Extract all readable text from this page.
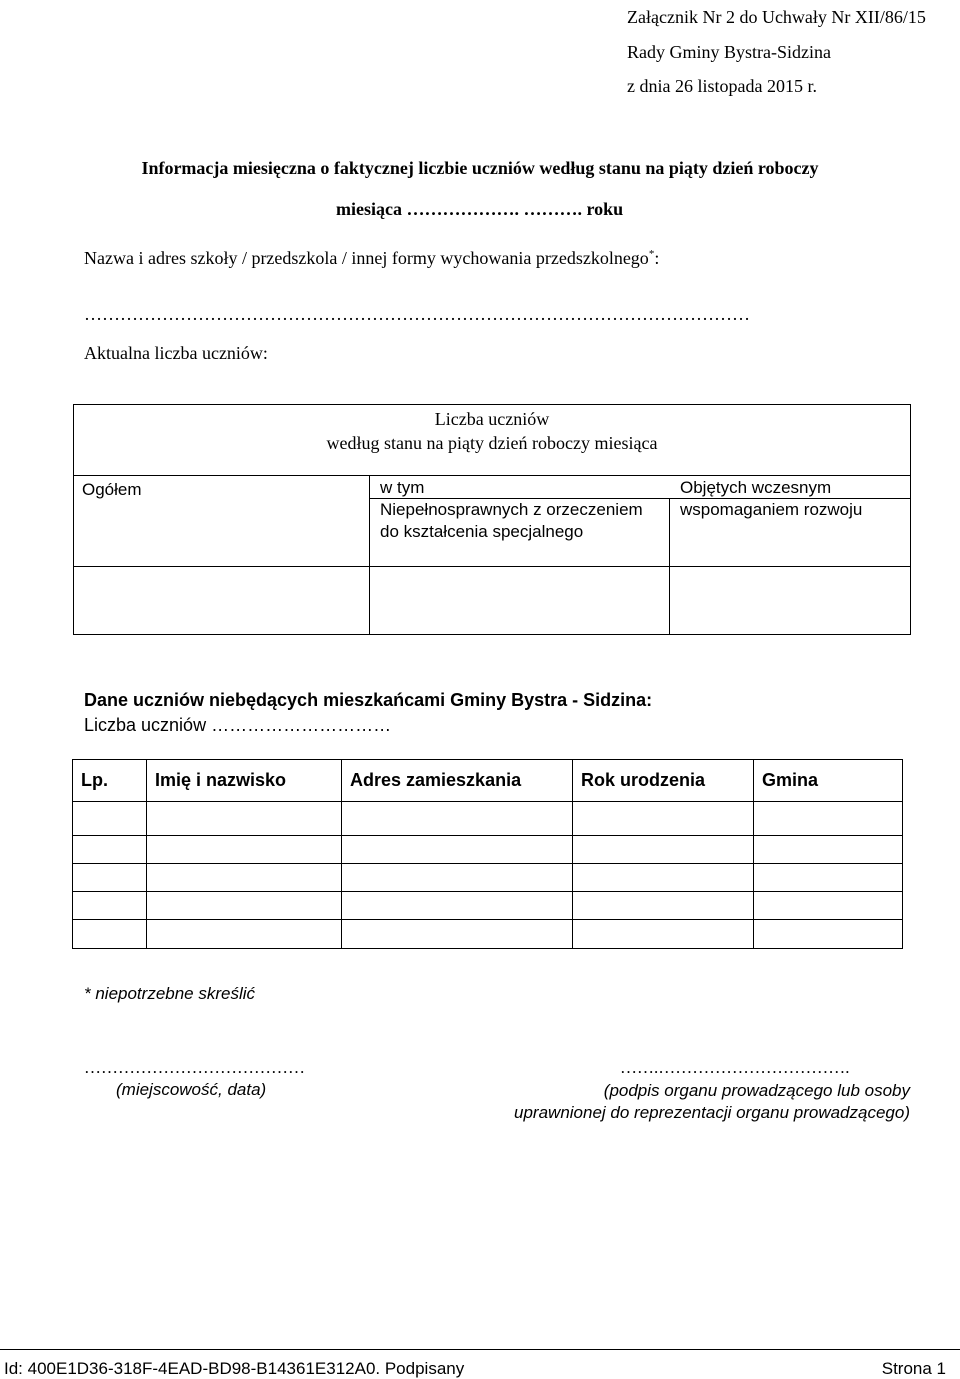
Załącznik Nr 2 do Uchwały Nr XII/86/15
Rady Gminy Bystra-Sidzina
z dnia 26 listopada 2015 r.
Informacja miesięczna o faktycznej liczbie uczniów według stanu na piąty dzień roboczy
miesiąca ………………. ………. roku
Nazwa i adres szkoły / przedszkola / innej formy wychowania przedszkolnego*:
…………………………………………………………………………………………………
Aktualna liczba uczniów:
Liczba uczniów
według stanu na piąty dzień roboczy miesiąca		

Ogółem	w tym	
	Niepełnosprawnych z orzeczeniem do kształcenia specjalnego	Objętych wczesnym wspomaganiem rozwoju

Dane uczniów niebędących mieszkańcami Gminy Bystra - Sidzina:
Liczba uczniów …………………………
Lp.	Imię i nazwisko	Adres zamieszkania	Rok urodzenia	Gmina

* niepotrzebne skreślić
…………………………………
(miejscowość, data)
…….…………………………….
(podpis organu prowadzącego lub osoby
uprawnionej do reprezentacji organu prowadzącego)
Id: 400E1D36-318F-4EAD-BD98-B14361E312A0. Podpisany	Strona 1
